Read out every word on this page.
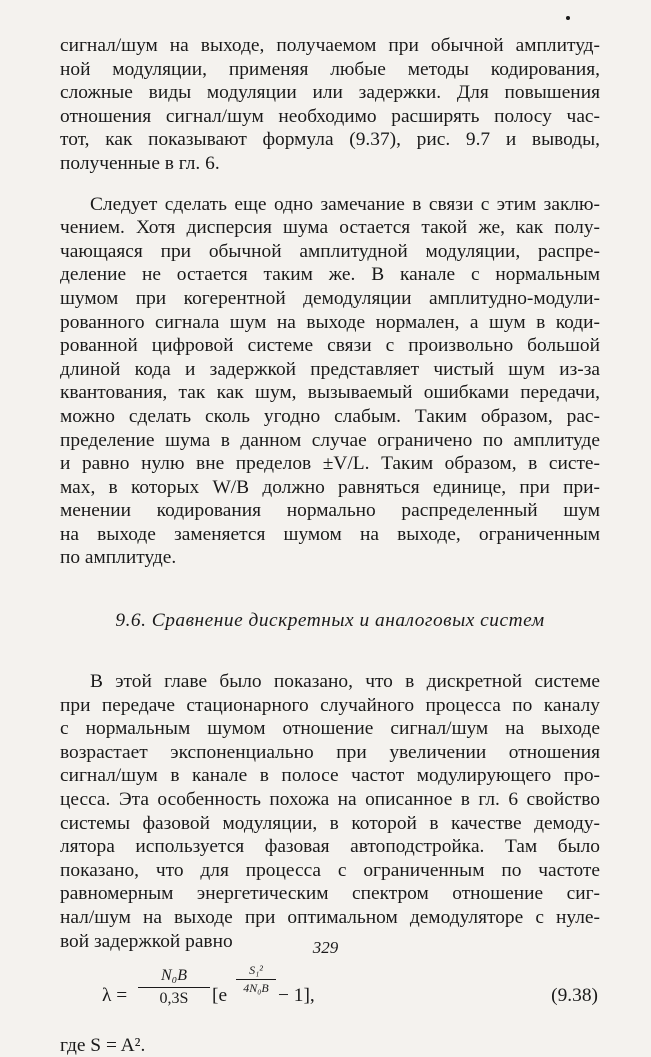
сигнал/шум на выходе, получаемом при обычной амплитуд-
ной модуляции, применяя любые методы кодирования,
сложные виды модуляции или задержки. Для повышения
отношения сигнал/шум необходимо расширять полосу час-
тот, как показывают формула (9.37), рис. 9.7 и выводы,
полученные в гл. 6.
Следует сделать еще одно замечание в связи с этим заклю-
чением. Хотя дисперсия шума остается такой же, как полу-
чающаяся при обычной амплитудной модуляции, распре-
деление не остается таким же. В канале с нормальным
шумом при когерентной демодуляции амплитудно-модули-
рованного сигнала шум на выходе нормален, а шум в коди-
рованной цифровой системе связи с произвольно большой
длиной кода и задержкой представляет чистый шум из-за
квантования, так как шум, вызываемый ошибками передачи,
можно сделать сколь угодно слабым. Таким образом, рас-
пределение шума в данном случае ограничено по амплитуде
и равно нулю вне пределов ±V/L. Таким образом, в систе-
мах, в которых W/B должно равняться единице, при при-
менении кодирования нормально распределенный шум
на выходе заменяется шумом на выходе, ограниченным
по амплитуде.
9.6. Сравнение дискретных и аналоговых систем
В этой главе было показано, что в дискретной системе
при передаче стационарного случайного процесса по каналу
с нормальным шумом отношение сигнал/шум на выходе
возрастает экспоненциально при увеличении отношения
сигнал/шум в канале в полосе частот модулирующего про-
цесса. Эта особенность похожа на описанное в гл. 6 свойство
системы фазовой модуляции, в которой в качестве демоду-
лятора используется фазовая автоподстройка. Там было
показано, что для процесса с ограниченным по частоте
равномерным энергетическим спектром отношение сиг-
нал/шум на выходе при оптимальном демодуляторе с нуле-
вой задержкой равно
λ =
N₀B
0,3S	[e
S₁²
4N₀B − 1],	(9.38)
где S = A².
329
